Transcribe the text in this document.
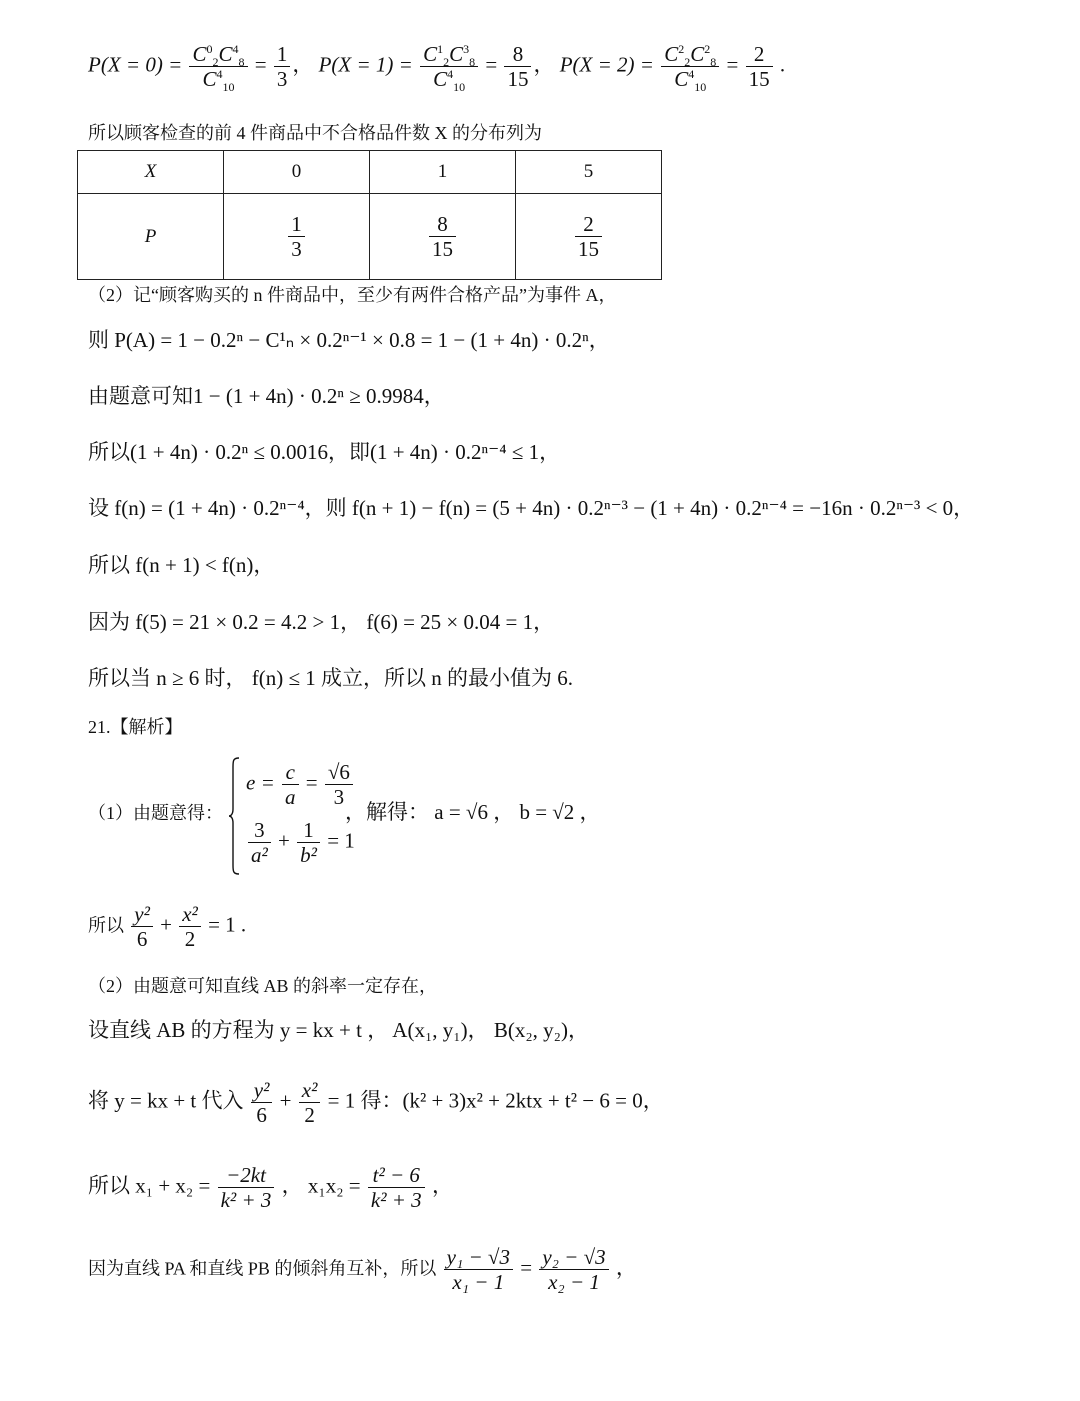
$P(X = 0) = \frac{C^0_2C^4_8}{C^4_{10}} = \frac{1}{3}$ ， $P(X = 1) = \frac{C^1_2C^3_8}{C^4_{10}} = \frac{8}{15}$ ， $P(X = 2) = \frac{C^2_2C^2_8}{C^4_{10}} = \frac{2}{15}$ .
所以顾客检查的前 4 件商品中不合格品件数 X 的分布列为
X	0	1	5
P	$\frac{1}{3}$	$\frac{8}{15}$	$\frac{2}{15}$
（2）记“顾客购买的 n 件商品中，至少有两件合格产品”为事件 A，
则 P(A) = 1 − 0.2ⁿ − C¹ₙ × 0.2ⁿ⁻¹ × 0.8 = 1 − (1 + 4n) · 0.2ⁿ，
由题意可知1 − (1 + 4n) · 0.2ⁿ ≥ 0.9984，
所以(1 + 4n) · 0.2ⁿ ≤ 0.0016，即(1 + 4n) · 0.2ⁿ⁻⁴ ≤ 1，
设 f(n) = (1 + 4n) · 0.2ⁿ⁻⁴，则 f(n + 1) − f(n) = (5 + 4n) · 0.2ⁿ⁻³ − (1 + 4n) · 0.2ⁿ⁻⁴ = −16n · 0.2ⁿ⁻³ < 0，
所以 f(n + 1) < f(n)，
因为 f(5) = 21 × 0.2 = 4.2 > 1， f(6) = 25 × 0.04 = 1，
所以当 n ≥ 6 时， f(n) ≤ 1 成立，所以 n 的最小值为 6.
21.【解析】
（1）由题意得：
$e = \frac{c}{a} = \frac{√6}{3}$
$\frac{3}{\text{a²}} + \frac{1}{\text{b²}} = 1$
，解得： a = √6 ， b = √2 ，
所以 $\frac{\text{y²}}{6} + \frac{\text{x²}}{2} = 1$ .
（2）由题意可知直线 AB 的斜率一定存在，
设直线 AB 的方程为 y = kx + t ， A(x₁, y₁)， B(x₂, y₂)，
将 y = kx + t 代入 $\frac{\text{y²}}{6} + \frac{\text{x²}}{2} = 1$ 得：(k² + 3)x² + 2ktx + t² − 6 = 0，
所以 $x_1 + x_2 = \frac{-2kt}{\text{k² + 3}}$ ， $x_1x_2 = \frac{\text{t² − 6}}{\text{k² + 3}}$ ，
因为直线 PA 和直线 PB 的倾斜角互补，所以 $\frac{\text{y₁ − √3}}{\text{x₁ − 1}} = \frac{\text{y₂ − √3}}{\text{x₂ − 1}}$ ，
